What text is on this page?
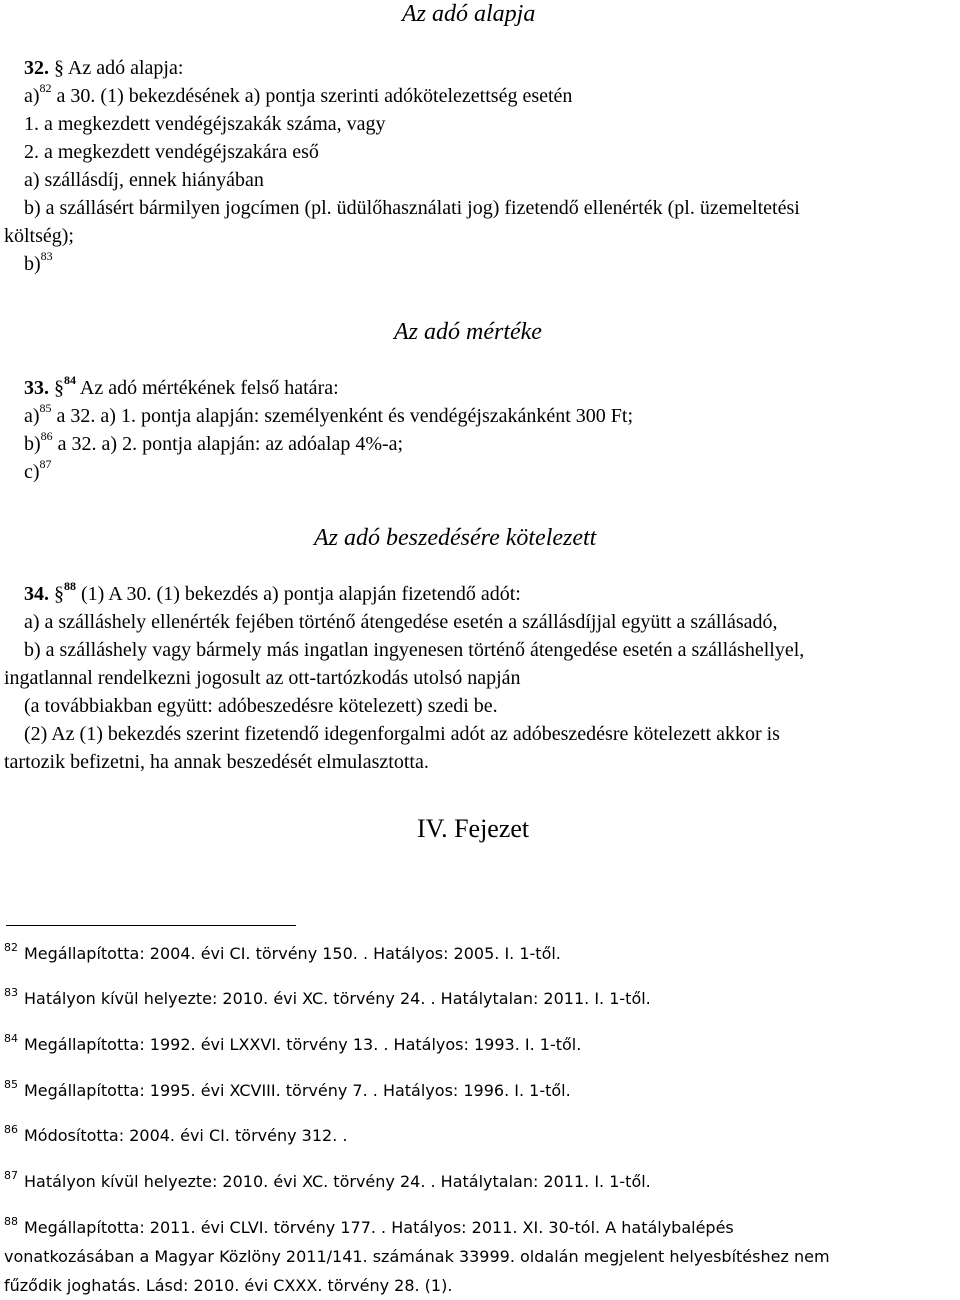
Az adó alapja
32. § Az adó alapja:
a)$^{82}$ a 30. (1) bekezdésének a) pontja szerinti adókötelezettség esetén
1. a megkezdett vendégéjszakák száma, vagy
2. a megkezdett vendégéjszakára eső
a) szállásdíj, ennek hiányában
b) a szállásért bármilyen jogcímen (pl. üdülőhasználati jog) fizetendő ellenérték (pl. üzemeltetési
költség);
b)$^{83}$
Az adó mértéke
33. §$^{84}$ Az adó mértékének felső határa:
a)$^{85}$ a 32. a) 1. pontja alapján: személyenként és vendégéjszakánként 300 Ft;
b)$^{86}$ a 32. a) 2. pontja alapján: az adóalap 4%-a;
c)$^{87}$
Az adó beszedésére kötelezett
34. §$^{88}$ (1) A 30. (1) bekezdés a) pontja alapján fizetendő adót:
a) a szálláshely ellenérték fejében történő átengedése esetén a szállásdíjjal együtt a szállásadó,
b) a szálláshely vagy bármely más ingatlan ingyenesen történő átengedése esetén a szálláshellyel,
ingatlannal rendelkezni jogosult az ott-tartózkodás utolsó napján
(a továbbiakban együtt: adóbeszedésre kötelezett) szedi be.
(2) Az (1) bekezdés szerint fizetendő idegenforgalmi adót az adóbeszedésre kötelezett akkor is
tartozik befizetni, ha annak beszedését elmulasztotta.
IV. Fejezet
$^{82}$ Megállapította: 2004. évi CI. törvény 150. . Hatályos: 2005. I. 1-től.
$^{83}$ Hatályon kívül helyezte: 2010. évi XC. törvény 24. . Hatálytalan: 2011. I. 1-től.
$^{84}$ Megállapította: 1992. évi LXXVI. törvény 13. . Hatályos: 1993. I. 1-től.
$^{85}$ Megállapította: 1995. évi XCVIII. törvény 7. . Hatályos: 1996. I. 1-től.
$^{86}$ Módosította: 2004. évi CI. törvény 312. .
$^{87}$ Hatályon kívül helyezte: 2010. évi XC. törvény 24. . Hatálytalan: 2011. I. 1-től.
$^{88}$ Megállapította: 2011. évi CLVI. törvény 177. . Hatályos: 2011. XI. 30-tól. A hatálybalépés
vonatkozásában a Magyar Közlöny 2011/141. számának 33999. oldalán megjelent helyesbítéshez nem
fűződik joghatás. Lásd: 2010. évi CXXX. törvény 28. (1).
